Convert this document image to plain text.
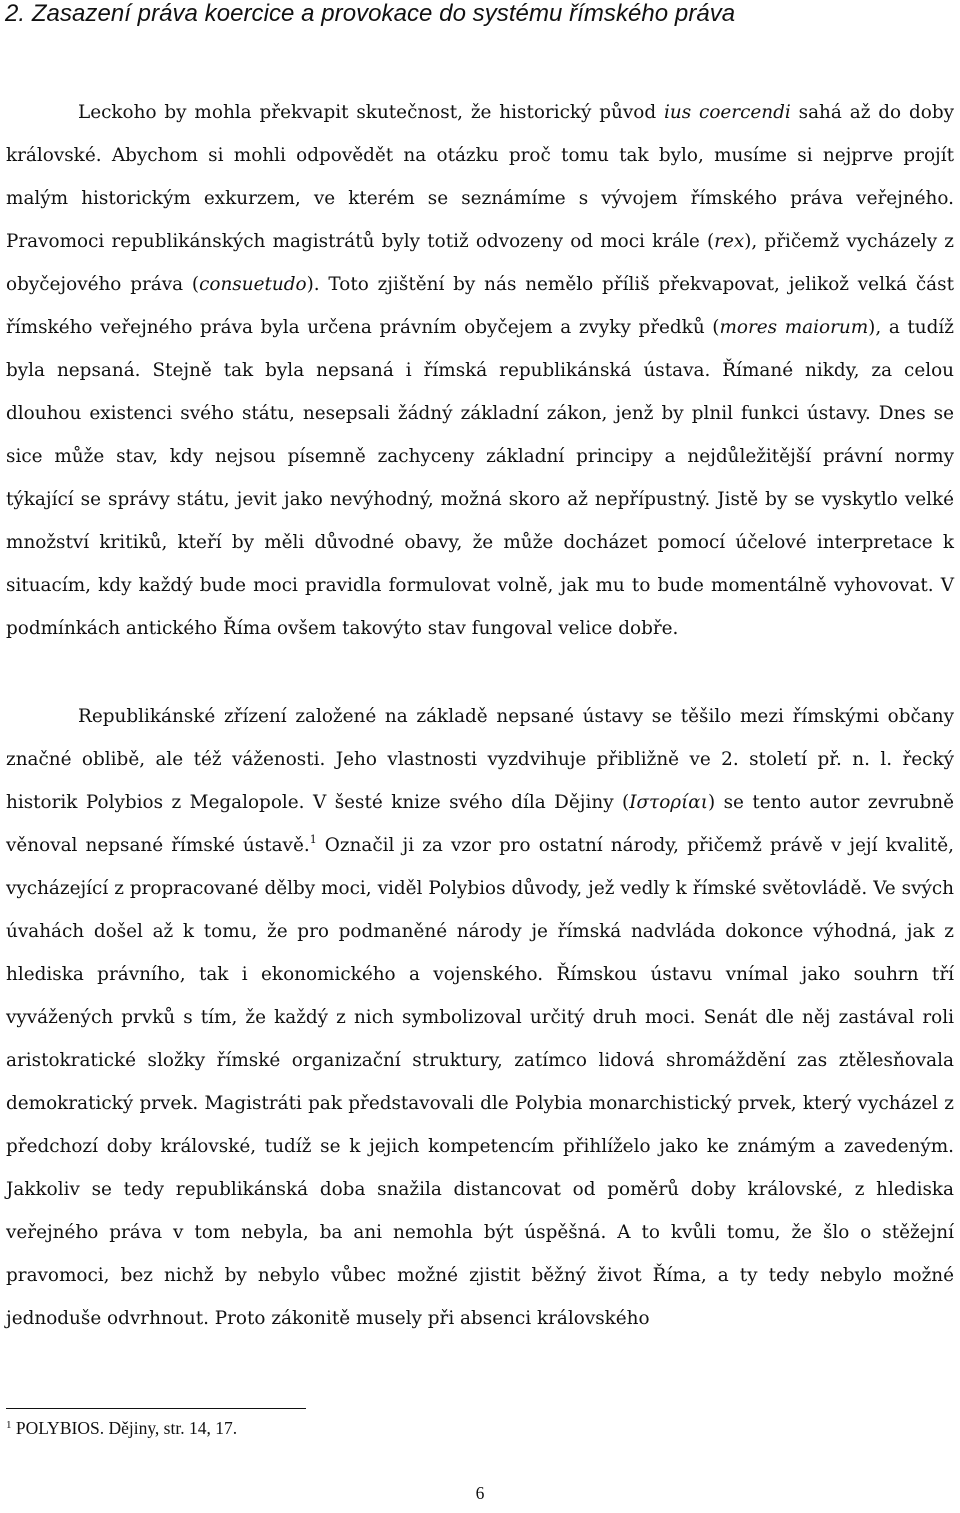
2. Zasazení práva koercice a provokace do systému římského práva

Leckoho by mohla překvapit skutečnost, že historický původ ius coercendi sahá až do doby královské. Abychom si mohli odpovědět na otázku proč tomu tak bylo, musíme si nejprve projít malým historickým exkurzem, ve kterém se seznámíme s vývojem římského práva veřejného. Pravomoci republikánských magistrátů byly totiž odvozeny od moci krále (rex), přičemž vycházely z obyčejového práva (consuetudo). Toto zjištění by nás nemělo příliš překvapovat, jelikož velká část římského veřejného práva byla určena právním obyčejem a zvyky předků (mores maiorum), a tudíž byla nepsaná. Stejně tak byla nepsaná i římská republikánská ústava. Římané nikdy, za celou dlouhou existenci svého státu, nesepsali žádný základní zákon, jenž by plnil funkci ústavy. Dnes se sice může stav, kdy nejsou písemně zachyceny základní principy a nejdůležitější právní normy týkající se správy státu, jevit jako nevýhodný, možná skoro až nepřípustný. Jistě by se vyskytlo velké množství kritiků, kteří by měli důvodné obavy, že může docházet pomocí účelové interpretace k situacím, kdy každý bude moci pravidla formulovat volně, jak mu to bude momentálně vyhovovat. V podmínkách antického Říma ovšem takovýto stav fungoval velice dobře.

Republikánské zřízení založené na základě nepsané ústavy se těšilo mezi římskými občany značné oblibě, ale též váženosti. Jeho vlastnosti vyzdvihuje přibližně ve 2. století př. n. l. řecký historik Polybios z Megalopole. V šesté knize svého díla Dějiny (Ιστορίαι) se tento autor zevrubně věnoval nepsané římské ústavě.$^1$ Označil ji za vzor pro ostatní národy, přičemž právě v její kvalitě, vycházející z propracované dělby moci, viděl Polybios důvody, jež vedly k římské světovládě. Ve svých úvahách došel až k tomu, že pro podmaněné národy je římská nadvláda dokonce výhodná, jak z hlediska právního, tak i ekonomického a vojenského. Římskou ústavu vnímal jako souhrn tří vyvážených prvků s tím, že každý z nich symbolizoval určitý druh moci. Senát dle něj zastával roli aristokratické složky římské organizační struktury, zatímco lidová shromáždění zas ztělesňovala demokratický prvek. Magistráti pak představovali dle Polybia monarchistický prvek, který vycházel z předchozí doby královské, tudíž se k jejich kompetencím přihlíželo jako ke známým a zavedeným. Jakkoliv se tedy republikánská doba snažila distancovat od poměrů doby královské, z hlediska veřejného práva v tom nebyla, ba ani nemohla být úspěšná. A to kvůli tomu, že šlo o stěžejní pravomoci, bez nichž by nebylo vůbec možné zjistit běžný život Říma, a ty tedy nebylo možné jednoduše odvrhnout. Proto zákonitě musely při absenci královského

$^1$ POLYBIOS. Dějiny, str. 14, 17.
6
